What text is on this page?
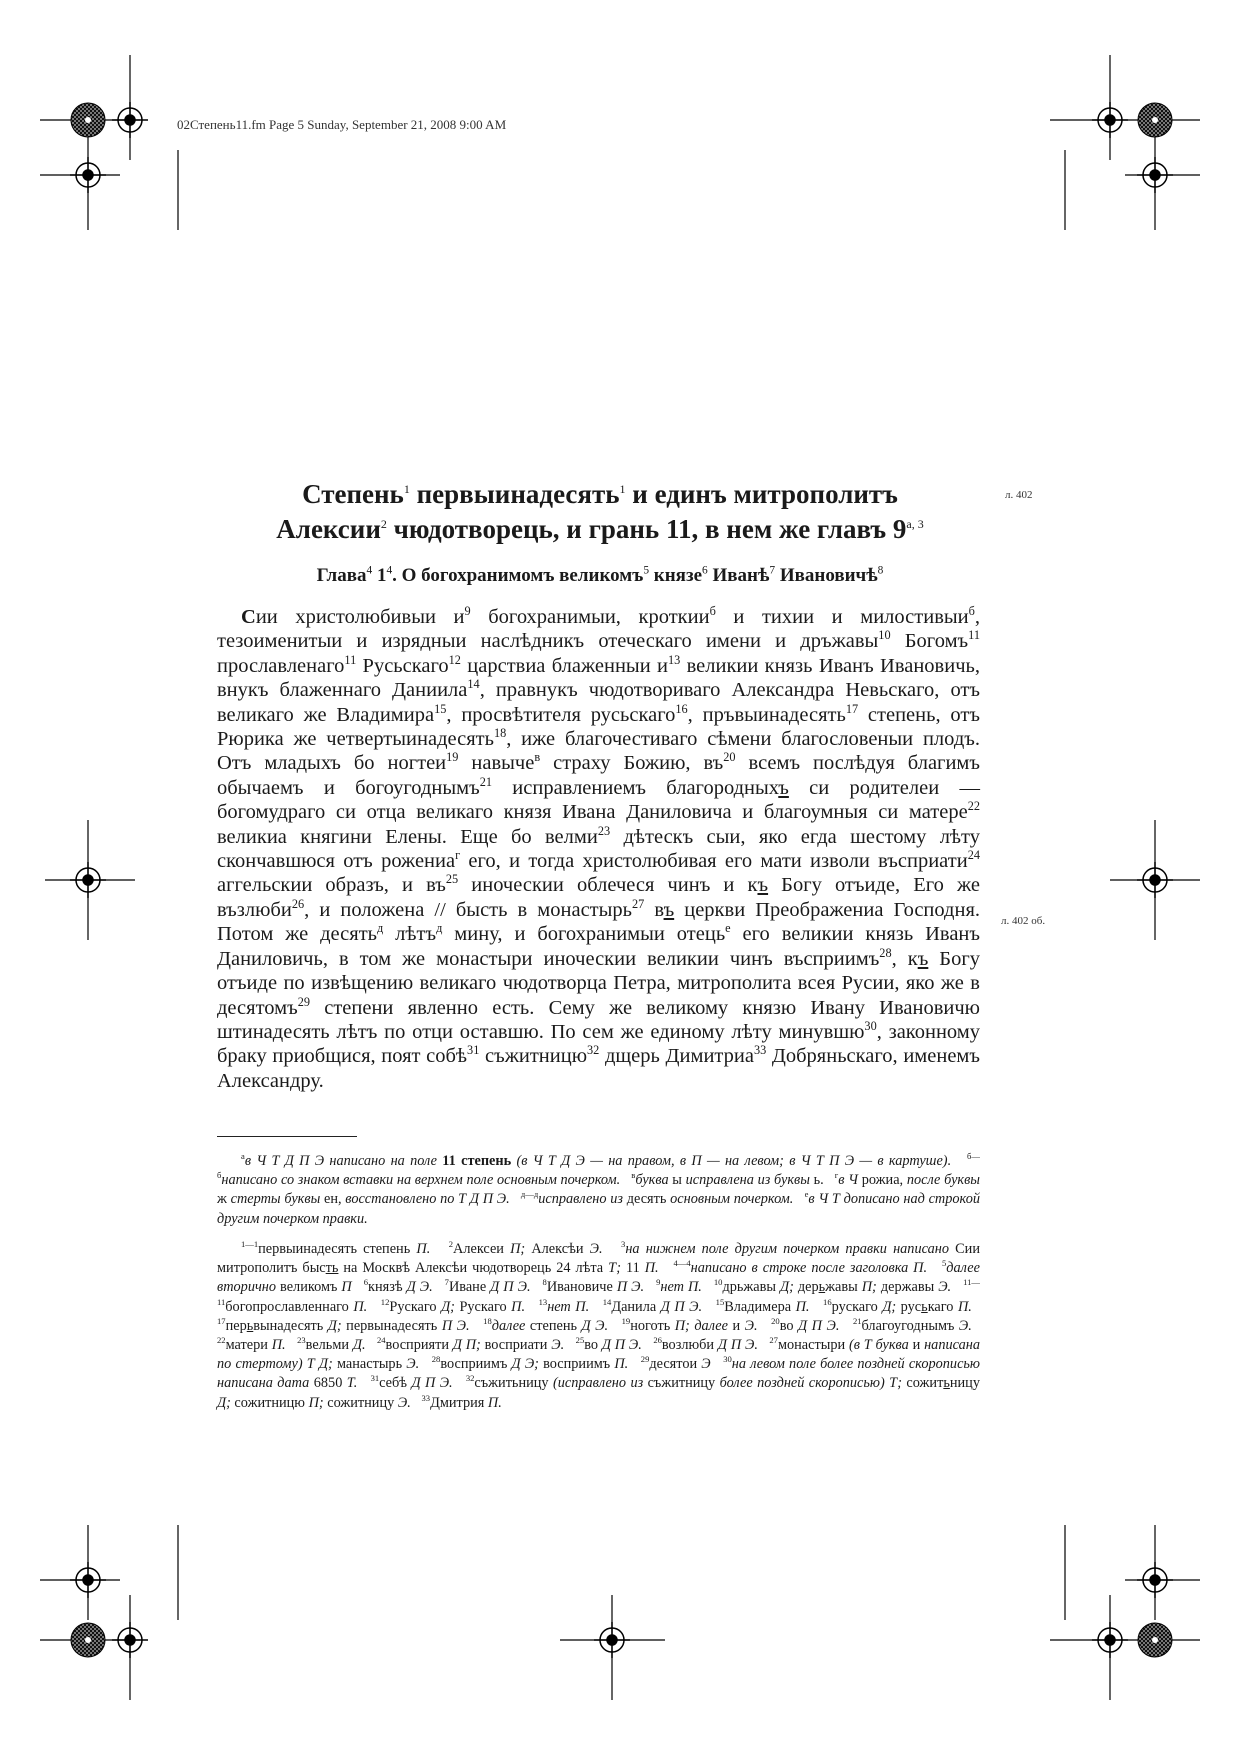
02Степень11.fm Page 5 Sunday, September 21, 2008 9:00 AM
Степень$^1$ первыинадесять$^1$ и единъ митрополитъ
Алексии$^2$ чюдотворець, и грань 11, в нем же главъ $9^{а, 3}$
л. 402
л. 402 об.
Глава$^4$ $1^4$. О богохранимомъ великомъ$^5$ князе$^6$ Иванѣ$^7$ Ивановичѣ$^8$
Сии христолюбивыи $и^9$ богохранимыи, кроткии$^б$ и тихии и милостивыи$^б$, тезоименитыи и изрядныи наслѣдникъ отеческаго имени и дръжавы$^{10}$ Богомъ$^{11}$ прославленаго$^{11}$ Русьскаго$^{12}$ царствиа блаженныи $и^{13}$ великии князь Иванъ Ивановичь, внукъ блаженнаго Даниила$^{14}$, правнукъ чюдотвориваго Александра Невьскаго, отъ великаго же Владимира$^{15}$, просвѣтителя русьскаго$^{16}$, пръвыинадесять$^{17}$ степень, отъ Рюрика же четвертыинадесять$^{18}$, иже благочестиваго сѣмени благословеныи плодъ. Отъ младыхъ бо ногтеи$^{19}$ навыче$^в$ страху Божию, $въ^{20}$ всемъ послѣдуя благимъ обычаемъ и богоугоднымъ$^{21}$ исправлениемъ благородныхъ си родителеи — богомудраго си отца великаго князя Ивана Даниловича и благоумныя си матере$^{22}$ великиа княгини Елены. Еще бо велми$^{23}$ дѣтескъ сыи, яко егда шестому лѣту скончавшюся отъ рожениа$^г$ его, и тогда христолюбивая его мати изволи въсприати$^{24}$ аггельскии образъ, и $въ^{25}$ иноческии облечеся чинъ и къ Богу отъиде, Его же възлюби$^{26}$, и положена // бысть в монастырь$^{27}$ въ церкви Преображениа Господня. Потом же десять$^д$ лѣтъ$^д$ мину, и богохранимыи отець$^е$ его великии князь Иванъ Даниловичь, в том же монастыри иноческии великии чинъ въсприимъ$^{28}$, къ Богу отъиде по извѣщению великаго чюдотворца Петра, митрополита всея Русии, яко же в десятомъ$^{29}$ степени явленно есть. Сему же великому князю Ивану Ивановичю штинадесять лѣтъ по отци оставшю. По сем же единому лѣту минувшю$^{30}$, законному браку приобщися, поят собѣ$^{31}$ съжитницю$^{32}$ дщерь Димитриа$^{33}$ Добряньскаго, именемъ Александру.
$^а$в Ч Т Д П Э написано на поле 11 степень (в Ч Т Д Э — на правом, в П — на левом; в Ч Т П Э — в картуше). $^{б—б}$написано со знаком вставки на верхнем поле основным почерком. $^в$буква ы исправлена из буквы ь. $^г$в Ч рожиа, после буквы ж стерты буквы ен, восстановлено по Т Д П Э. $^{д—д}$исправлено из десять основным почерком. $^е$в Ч Т дописано над строкой другим почерком правки.
$^{1—1}$первыинадесять степень П. $^2$Алексеи П; Алексѣи Э. $^3$на нижнем поле другим почерком правки написано Сии митрополитъ бысть на Москвѣ Алексѣи чюдотворець 24 лѣта Т; 11 П. $^{4—4}$написано в строке после заголовка П. $^5$далее вторично великомъ П $^6$князѣ Д Э. $^7$Иване Д П Э. $^8$Ивановиче П Э. $^9$нет П. $^{10}$дрьжавы Д; дерьжавы П; державы Э. $^{11—11}$богопрославленнаго П. $^{12}$Рускаго Д; Рускаго П. $^{13}$нет П. $^{14}$Данила Д П Э. $^{15}$Владимера П. $^{16}$рускаго Д; руськаго П.   $^{17}$перьвынадесять Д; первынадесять П Э. $^{18}$далее степень Д Э. $^{19}$ноготь П; далее и Э. $^{20}$во Д П Э. $^{21}$благоугоднымъ Э.   $^{22}$матери П. $^{23}$вельми Д. $^{24}$восприяти Д П; восприати Э. $^{25}$во Д П Э. $^{26}$возлюби Д П Э. $^{27}$монастыри (в Т буква и написана по стертому) Т Д; манастырь Э. $^{28}$восприимъ Д Э; восприимъ П. $^{29}$десятои Э $^{30}$на левом поле более поздней скорописью написана дата 6850 Т. $^{31}$себѣ Д П Э. $^{32}$съжитьницу (исправлено из съжитницу более поздней скорописью) Т; сожитьницу Д; сожитницю П; сожитницу Э. $^{33}$Дмитрия П.
